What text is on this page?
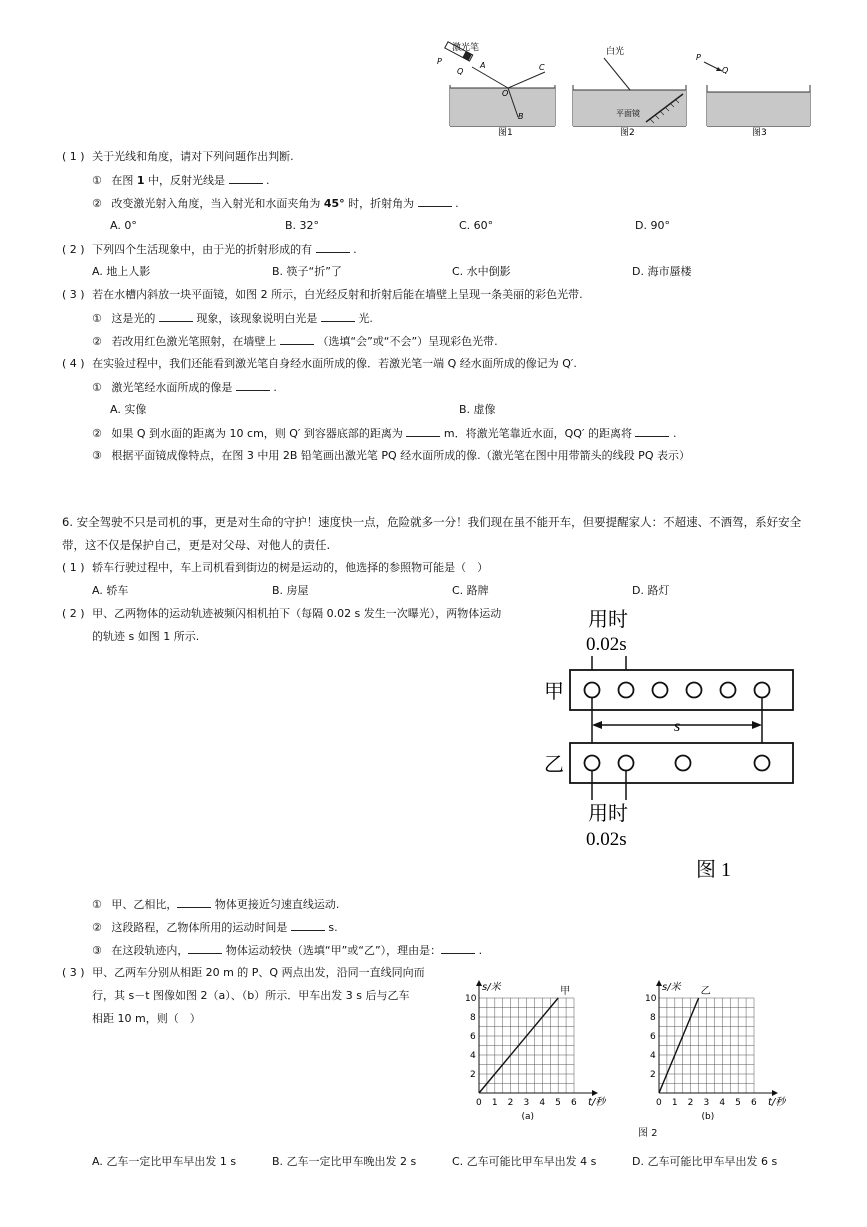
激光笔
P
Q
A
O
C
B
图1
白光
平面镜
图2
P
Q
图3
( 1 ) 关于光线和角度，请对下列问题作出判断.
① 在图 1 中，反射光线是	.
② 改变激光射入角度，当入射光和水面夹角为 45° 时，折射角为	.
A. 0°	B. 32°	C. 60°	D. 90°
( 2 ) 下列四个生活现象中，由于光的折射形成的有	.
A. 地上人影	B. 筷子“折”了	C. 水中倒影	D. 海市蜃楼
( 3 ) 若在水槽内斜放一块平面镜，如图 2 所示，白光经反射和折射后能在墙壁上呈现一条美丽的彩色光带.
① 这是光的	现象，该现象说明白光是	光.
② 若改用红色激光笔照射，在墙壁上	（选填“会”或“不会”）呈现彩色光带.
( 4 ) 在实验过程中，我们还能看到激光笔自身经水面所成的像．若激光笔一端 Q 经水面所成的像记为 Q′.
① 激光笔经水面所成的像是	.
A. 实像	B. 虚像
② 如果 Q 到水面的距离为 10 cm，则 Q′ 到容器底部的距离为	m．将激光笔靠近水面，QQ′ 的距离将	.
③ 根据平面镜成像特点，在图 3 中用 2B 铅笔画出激光笔 PQ 经水面所成的像.（激光笔在图中用带箭头的线段 PQ 表示）
6. 安全驾驶不只是司机的事，更是对生命的守护！速度快一点，危险就多一分！我们现在虽不能开车，但要提醒家人：不超速、不酒驾，系好安全
带，这不仅是保护自己，更是对父母、对他人的责任.
( 1 ) 轿车行驶过程中，车上司机看到街边的树是运动的，他选择的参照物可能是（　）
A. 轿车	B. 房屋	C. 路牌	D. 路灯
( 2 ) 甲、乙两物体的运动轨迹被频闪相机拍下（每隔 0.02 s 发生一次曝光），两物体运动
的轨迹 s 如图 1 所示.
用时
0.02s
甲
s
乙
用时
0.02s
图 1
① 甲、乙相比，	物体更接近匀速直线运动.
② 这段路程，乙物体所用的运动时间是	s.
③ 在这段轨迹内，	物体运动较快（选填“甲”或“乙”），理由是：	.
( 3 ) 甲、乙两车分别从相距 20 m 的 P、Q 两点出发，沿同一直线同向而
行，其 s－t 图像如图 2（a）、（b）所示．甲车出发 3 s 后与乙车
相距 10 m，则（　）
0 1 2 3 4 5 6
2
4
6
8
10
s/米
t/秒
(a)
甲
0 1 2 3 4 5 6
2
4
6
8
10
s/米
t/秒
(b)
乙
图 2
A. 乙车一定比甲车早出发 1 s	B. 乙车一定比甲车晚出发 2 s	C. 乙车可能比甲车早出发 4 s	D. 乙车可能比甲车早出发 6 s
